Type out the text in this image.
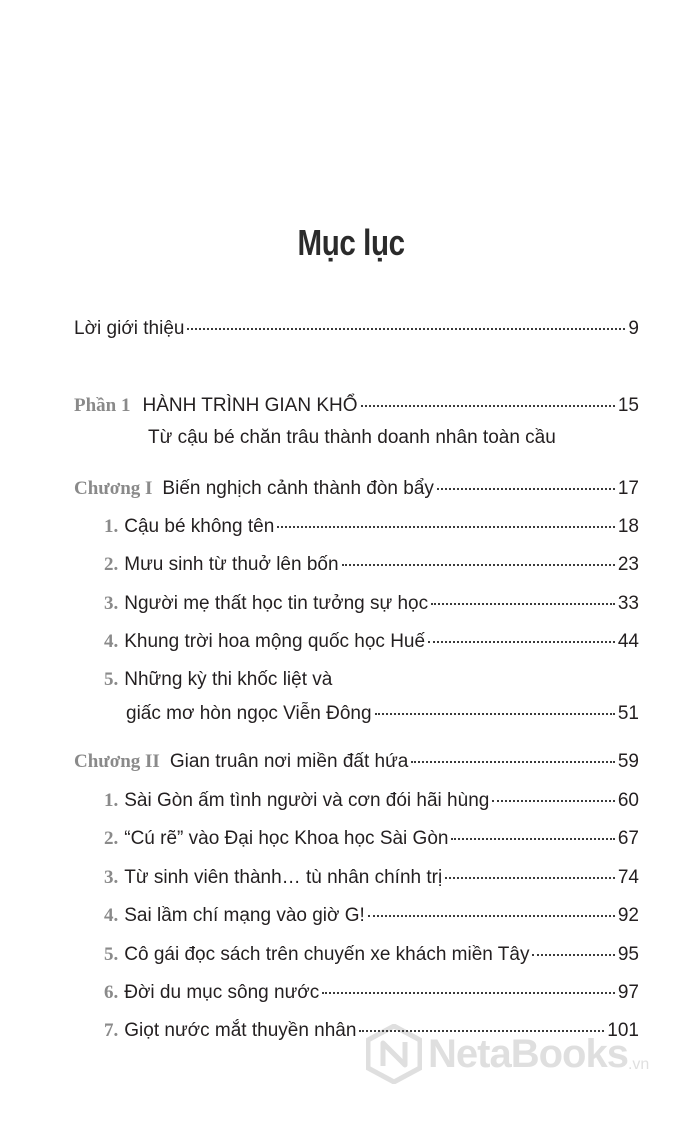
Mục lục
Lời giới thiệu	9
Phần 1 HÀNH TRÌNH GIAN KHỔ	15
Từ cậu bé chăn trâu thành doanh nhân toàn cầu
Chương I Biến nghịch cảnh thành đòn bẩy	17
1. Cậu bé không tên	18
2. Mưu sinh từ thuở lên bốn	23
3. Người mẹ thất học tin tưởng sự học	33
4. Khung trời hoa mộng quốc học Huế	44
5. Những kỳ thi khốc liệt và
giấc mơ hòn ngọc Viễn Đông	51
Chương II Gian truân nơi miền đất hứa	59
1. Sài Gòn ấm tình người và cơn đói hãi hùng	60
2. “Cú rẽ” vào Đại học Khoa học Sài Gòn	67
3. Từ sinh viên thành… tù nhân chính trị	74
4. Sai lầm chí mạng vào giờ G!	92
5. Cô gái đọc sách trên chuyến xe khách miền Tây	95
6. Đời du mục sông nước	97
7. Giọt nước mắt thuyền nhân	101
NetaBooks .vn
